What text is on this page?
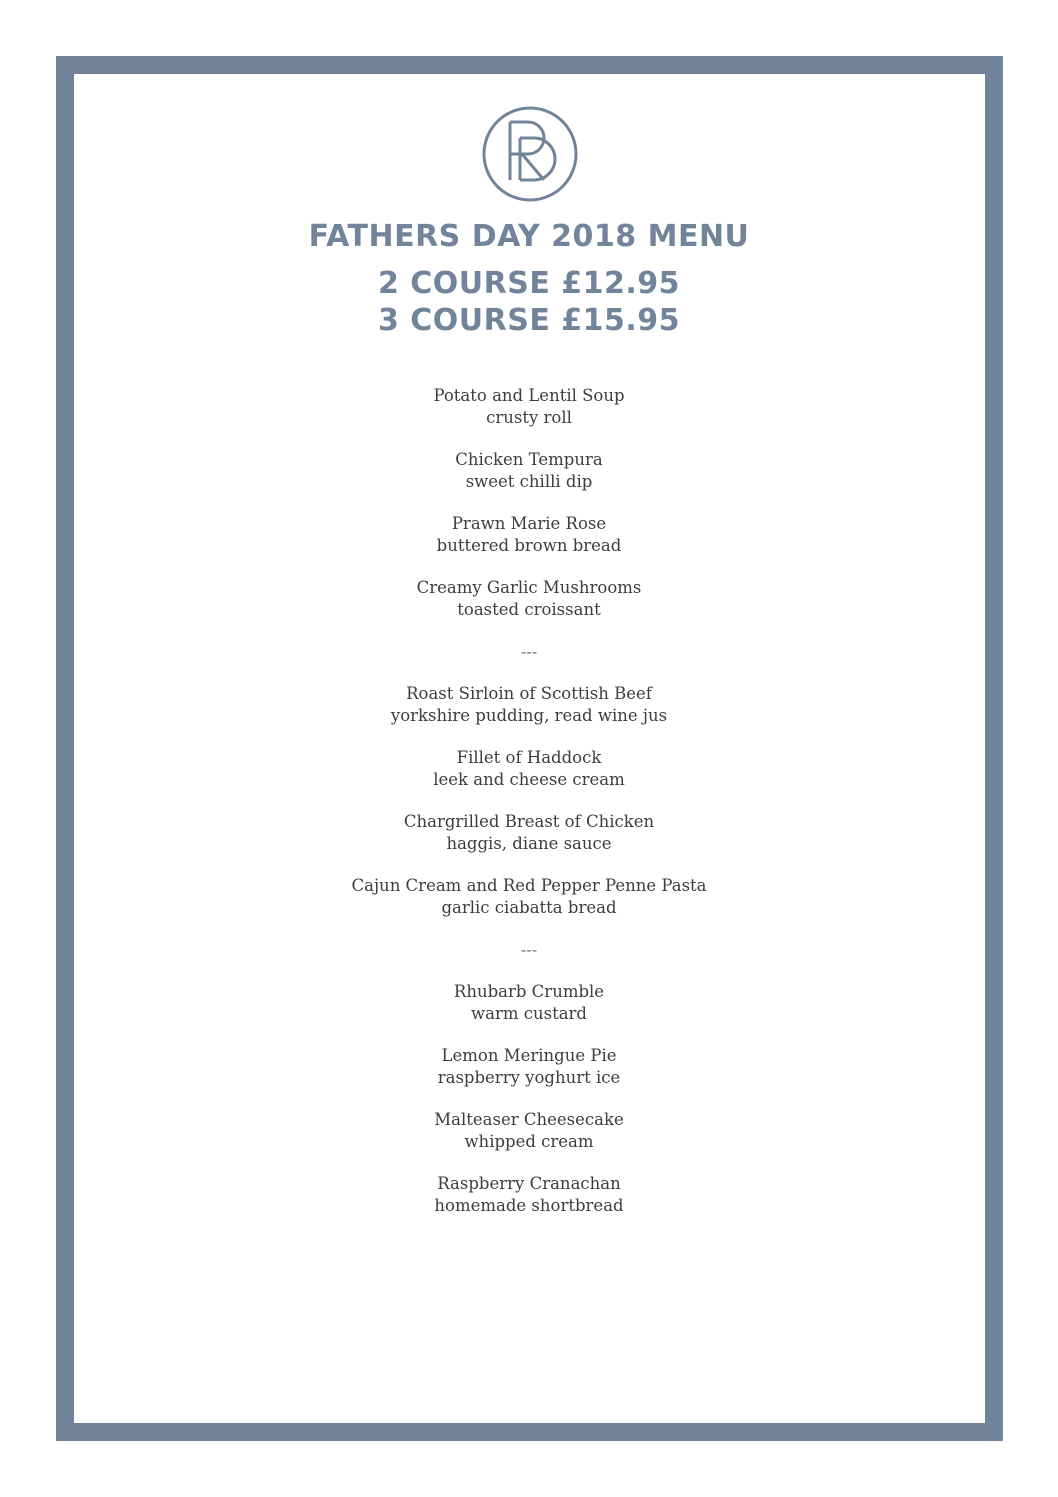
FATHERS DAY 2018 MENU
2 COURSE £12.95
3 COURSE £15.95
Potato and Lentil Soup
crusty roll
Chicken Tempura
sweet chilli dip
Prawn Marie Rose
buttered brown bread
Creamy Garlic Mushrooms
toasted croissant
---
Roast Sirloin of Scottish Beef
yorkshire pudding, read wine jus
Fillet of Haddock
leek and cheese cream
Chargrilled Breast of Chicken
haggis, diane sauce
Cajun Cream and Red Pepper Penne Pasta
garlic ciabatta bread
---
Rhubarb Crumble
warm custard
Lemon Meringue Pie
raspberry yoghurt ice
Malteaser Cheesecake
whipped cream
Raspberry Cranachan
homemade shortbread
